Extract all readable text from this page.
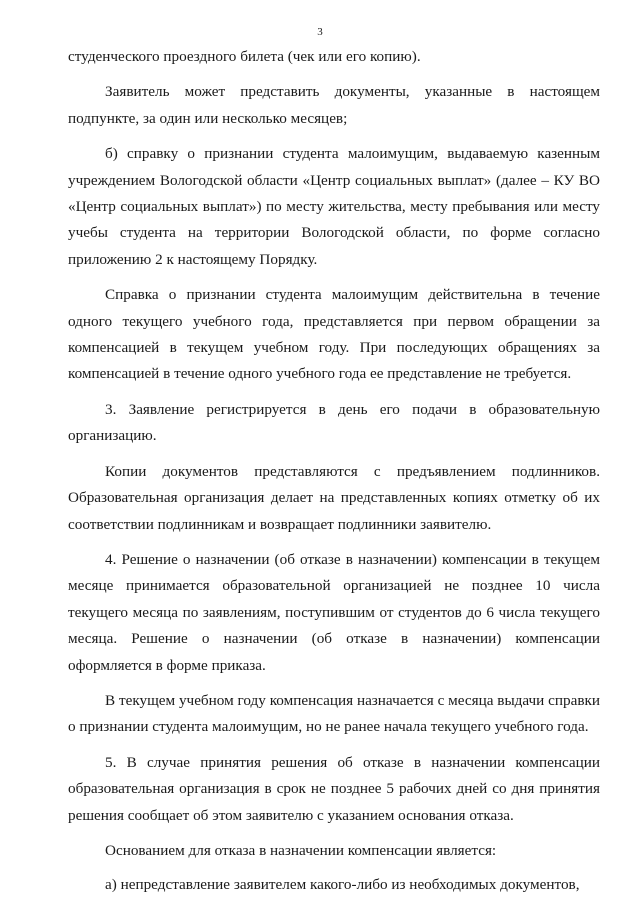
3

студенческого проездного билета (чек или его копию).

Заявитель может представить документы, указанные в настоящем подпункте, за один или несколько месяцев;

б) справку о признании студента малоимущим, выдаваемую казенным учреждением Вологодской области «Центр социальных выплат» (далее – КУ ВО «Центр социальных выплат») по месту жительства, месту пребывания или месту учебы студента на территории Вологодской области, по форме согласно приложению 2 к настоящему Порядку.

Справка о признании студента малоимущим действительна в течение одного текущего учебного года, представляется при первом обращении за компенсацией в текущем учебном году. При последующих обращениях за компенсацией в течение одного учебного года ее представление не требуется.

3. Заявление регистрируется в день его подачи в образовательную организацию.

Копии документов представляются с предъявлением подлинников. Образовательная организация делает на представленных копиях отметку об их соответствии подлинникам и возвращает подлинники заявителю.

4. Решение о назначении (об отказе в назначении) компенсации в текущем месяце принимается образовательной организацией не позднее 10 числа текущего месяца по заявлениям, поступившим от студентов до 6 числа текущего месяца. Решение о назначении (об отказе в назначении) компенсации оформляется в форме приказа.

В текущем учебном году компенсация назначается с месяца выдачи справки о признании студента малоимущим, но не ранее начала текущего учебного года.

5. В случае принятия решения об отказе в назначении компенсации образовательная организация в срок не позднее 5 рабочих дней со дня принятия решения сообщает об этом заявителю с указанием основания отказа.

Основанием для отказа в назначении компенсации является:

а) непредставление заявителем какого-либо из необходимых документов,
